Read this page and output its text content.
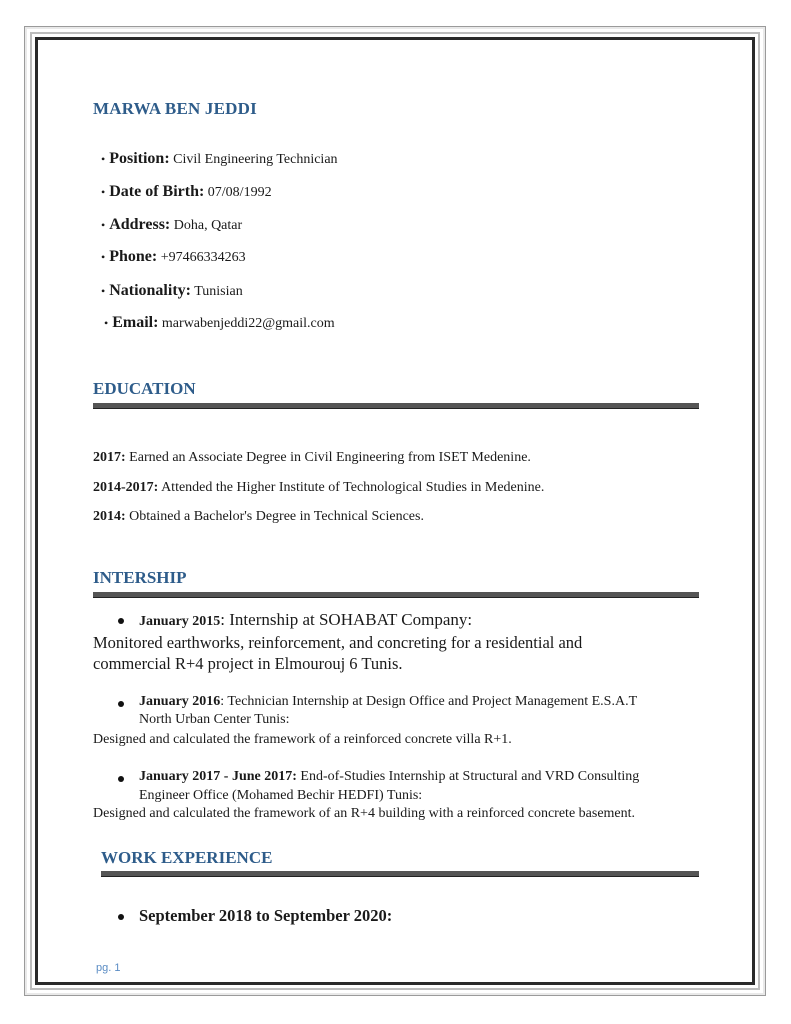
MARWA BEN JEDDI
• Position: Civil Engineering Technician
• Date of Birth: 07/08/1992
• Address: Doha, Qatar
• Phone: +97466334263
• Nationality: Tunisian
• Email: marwabenjeddi22@gmail.com
EDUCATION
2017: Earned an Associate Degree in Civil Engineering from ISET Medenine.
2014-2017: Attended the Higher Institute of Technological Studies in Medenine.
2014: Obtained a Bachelor's Degree in Technical Sciences.
INTERSHIP
January 2015: Internship at SOHABAT Company:
Monitored earthworks, reinforcement, and concreting for a residential and
commercial R+4 project in Elmourouj 6 Tunis.
January 2016: Technician Internship at Design Office and Project Management E.S.A.T
North Urban Center Tunis:
Designed and calculated the framework of a reinforced concrete villa R+1.
January 2017 - June 2017: End-of-Studies Internship at Structural and VRD Consulting
Engineer Office (Mohamed Bechir HEDFI) Tunis:
Designed and calculated the framework of an R+4 building with a reinforced concrete basement.
WORK EXPERIENCE
September 2018 to September 2020:
pg. 1
